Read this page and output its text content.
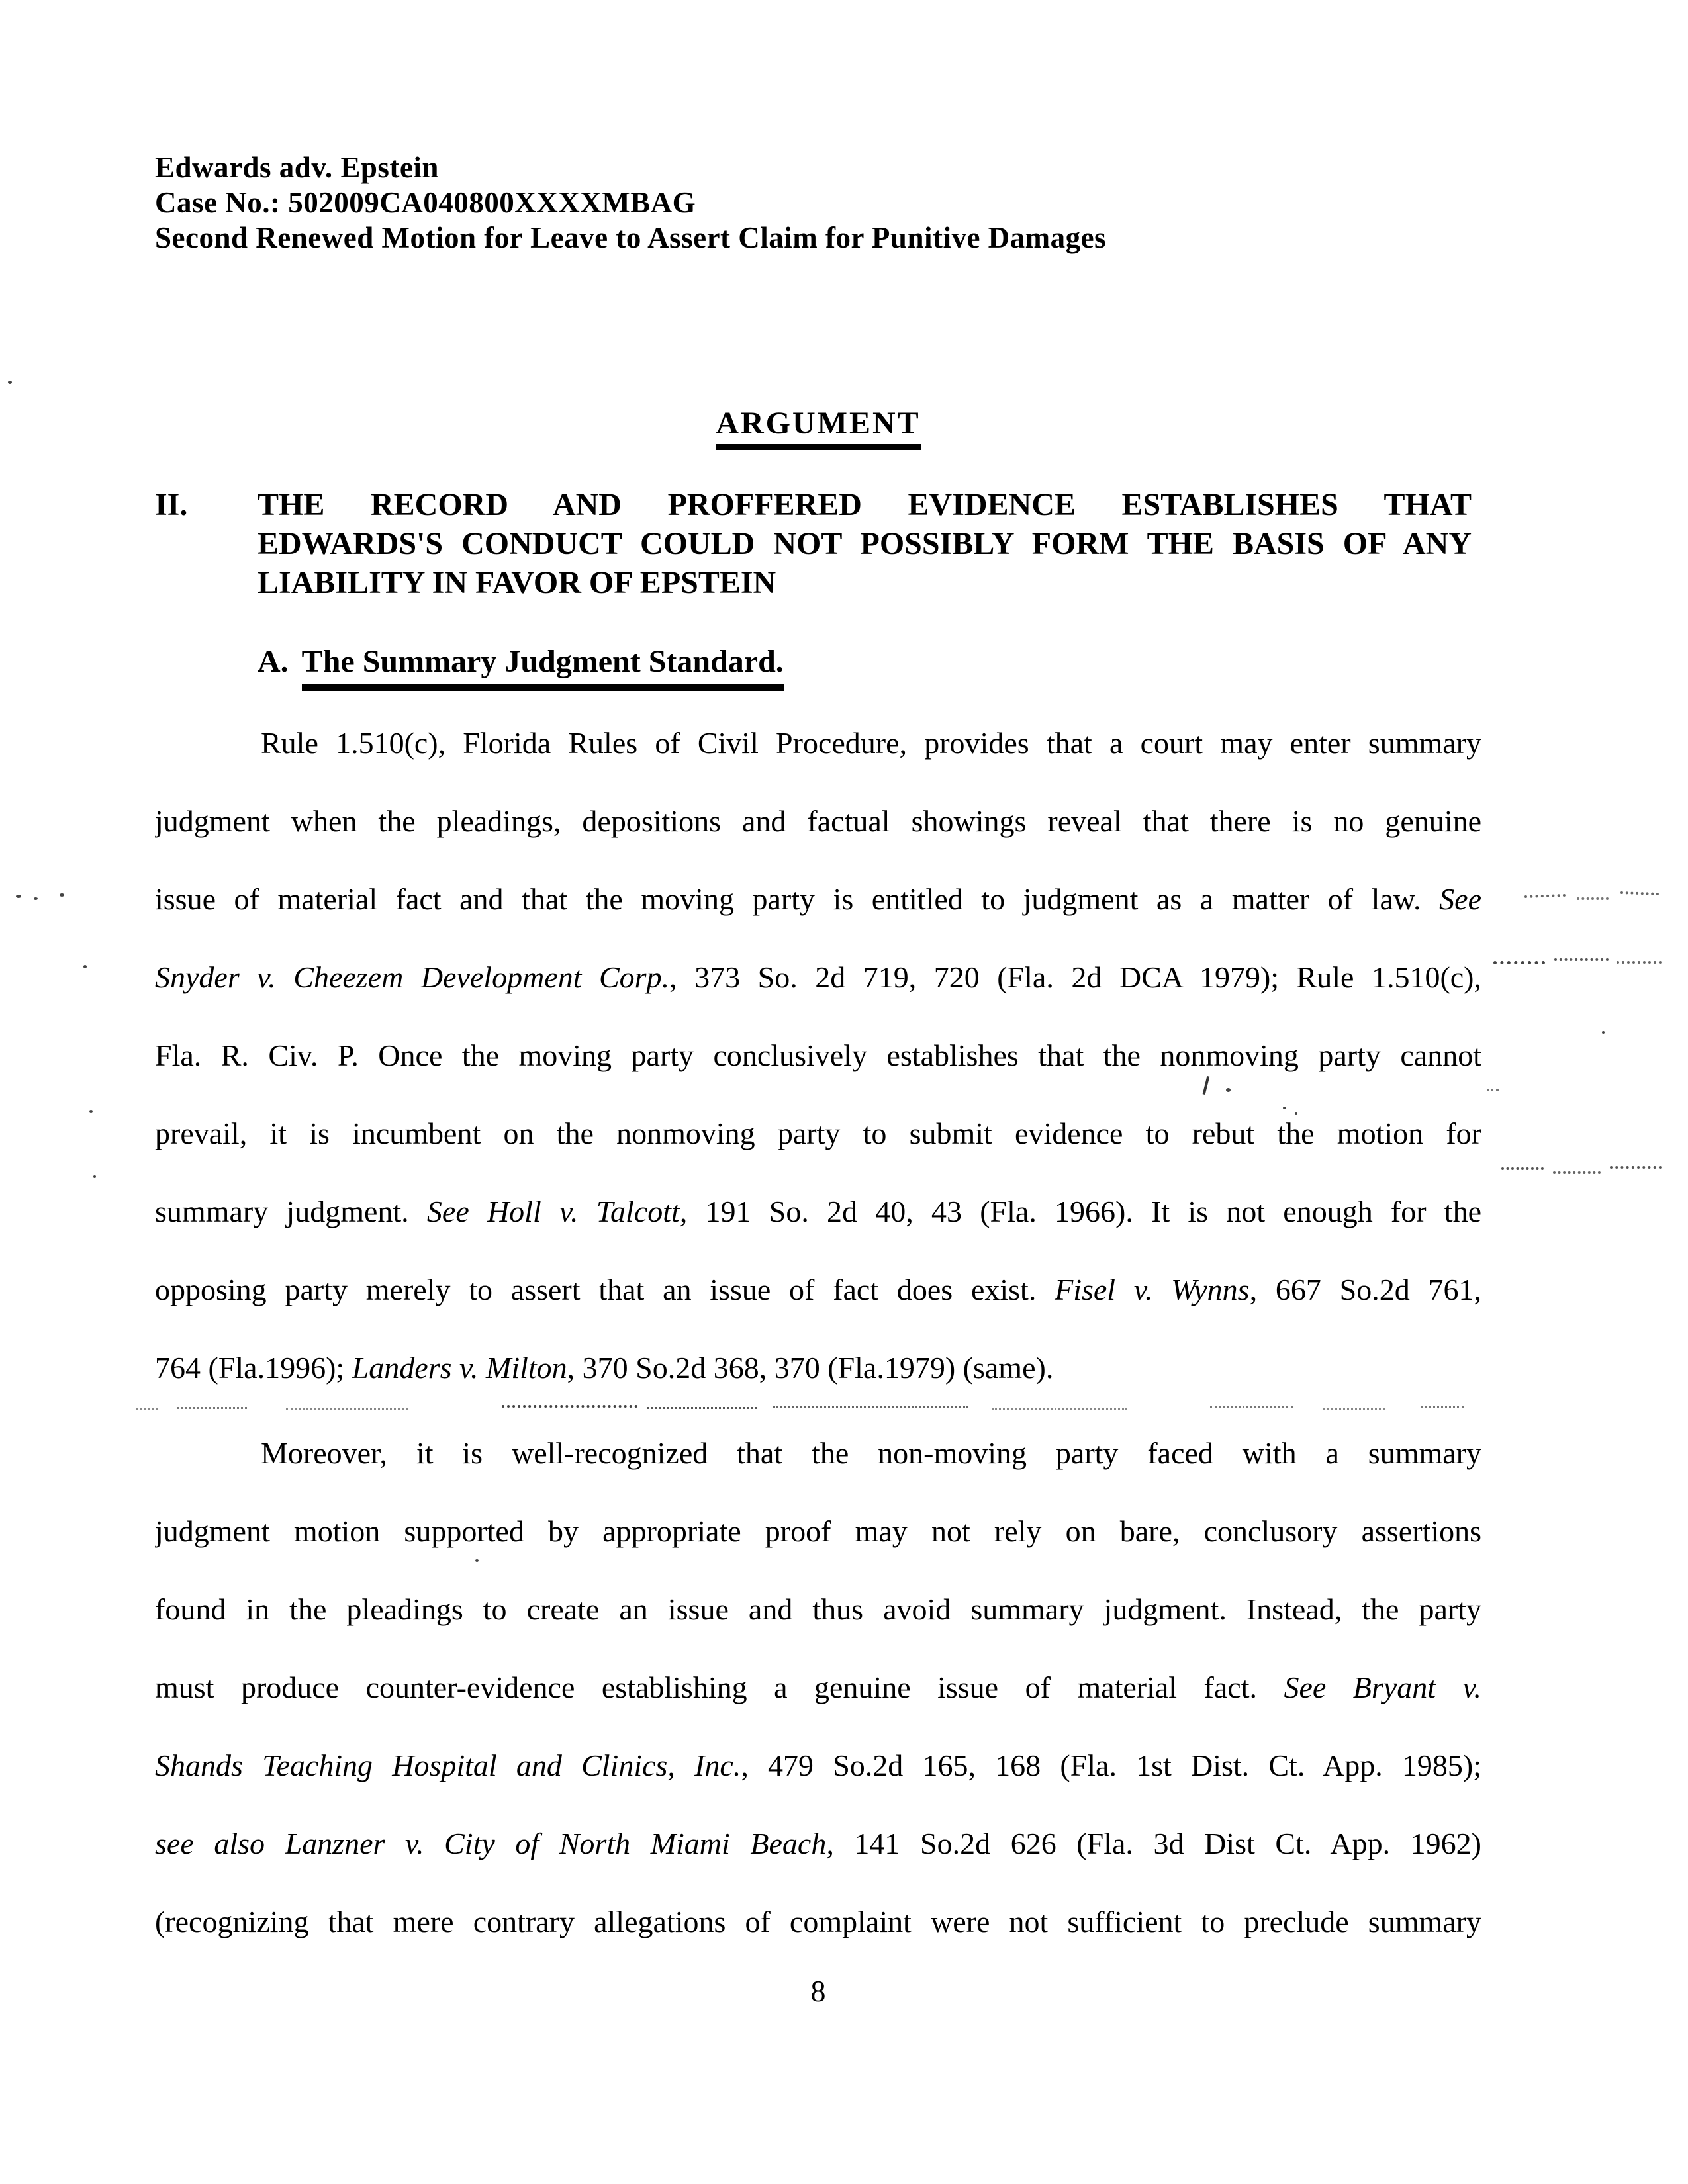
Edwards adv. Epstein
Case No.: 502009CA040800XXXXMBAG
Second Renewed Motion for Leave to Assert Claim for Punitive Damages
ARGUMENT
II. THE RECORD AND PROFFERED EVIDENCE ESTABLISHES THAT
EDWARDS'S CONDUCT COULD NOT POSSIBLY FORM THE BASIS OF ANY
LIABILITY IN FAVOR OF EPSTEIN
A. The Summary Judgment Standard.
Rule 1.510(c), Florida Rules of Civil Procedure, provides that a court may enter summary
judgment when the pleadings, depositions and factual showings reveal that there is no genuine
issue of material fact and that the moving party is entitled to judgment as a matter of law. See
Snyder v. Cheezem Development Corp., 373 So. 2d 719, 720 (Fla. 2d DCA 1979); Rule 1.510(c),
Fla. R. Civ. P. Once the moving party conclusively establishes that the nonmoving party cannot
prevail, it is incumbent on the nonmoving party to submit evidence to rebut the motion for
summary judgment. See Holl v. Talcott, 191 So. 2d 40, 43 (Fla. 1966). It is not enough for the
opposing party merely to assert that an issue of fact does exist. Fisel v. Wynns, 667 So.2d 761,
764 (Fla.1996); Landers v. Milton, 370 So.2d 368, 370 (Fla.1979) (same).
Moreover, it is well-recognized that the non-moving party faced with a summary
judgment motion supported by appropriate proof may not rely on bare, conclusory assertions
found in the pleadings to create an issue and thus avoid summary judgment. Instead, the party
must produce counter-evidence establishing a genuine issue of material fact. See Bryant v.
Shands Teaching Hospital and Clinics, Inc., 479 So.2d 165, 168 (Fla. 1st Dist. Ct. App. 1985);
see also Lanzner v. City of North Miami Beach, 141 So.2d 626 (Fla. 3d Dist Ct. App. 1962)
(recognizing that mere contrary allegations of complaint were not sufficient to preclude summary
8
